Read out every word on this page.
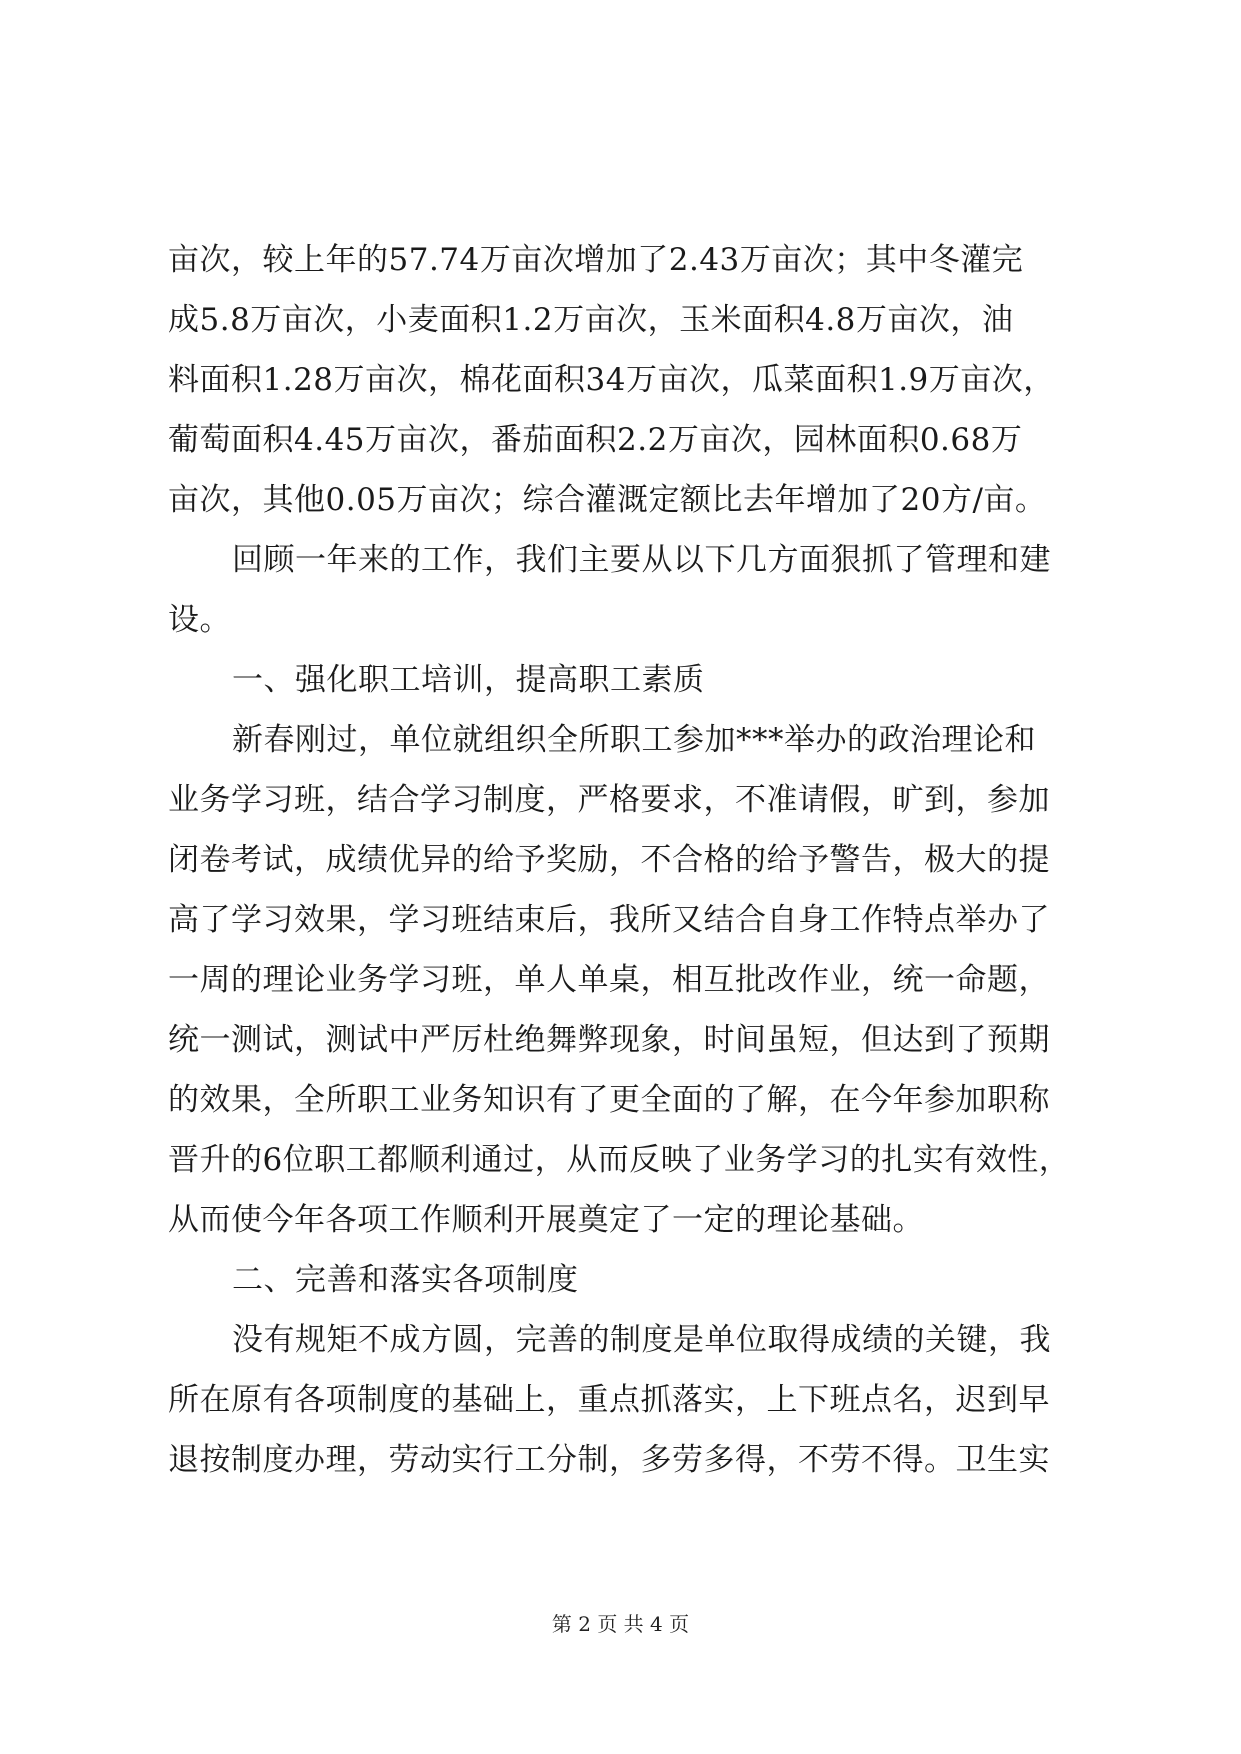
亩次，较上年的57.74万亩次增加了2.43万亩次；其中冬灌完
成5.8万亩次，小麦面积1.2万亩次，玉米面积4.8万亩次，油
料面积1.28万亩次，棉花面积34万亩次，瓜菜面积1.9万亩次，
葡萄面积4.45万亩次，番茄面积2.2万亩次，园林面积0.68万
亩次，其他0.05万亩次；综合灌溉定额比去年增加了20方/亩。
回顾一年来的工作，我们主要从以下几方面狠抓了管理和建
设。
一、强化职工培训，提高职工素质
新春刚过，单位就组织全所职工参加***举办的政治理论和
业务学习班，结合学习制度，严格要求，不准请假，旷到，参加
闭卷考试，成绩优异的给予奖励，不合格的给予警告，极大的提
高了学习效果，学习班结束后，我所又结合自身工作特点举办了
一周的理论业务学习班，单人单桌，相互批改作业，统一命题，
统一测试，测试中严厉杜绝舞弊现象，时间虽短，但达到了预期
的效果，全所职工业务知识有了更全面的了解，在今年参加职称
晋升的6位职工都顺利通过，从而反映了业务学习的扎实有效性，
从而使今年各项工作顺利开展奠定了一定的理论基础。
二、完善和落实各项制度
没有规矩不成方圆，完善的制度是单位取得成绩的关键，我
所在原有各项制度的基础上，重点抓落实，上下班点名，迟到早
退按制度办理，劳动实行工分制，多劳多得，不劳不得。卫生实
第 2 页 共 4 页
